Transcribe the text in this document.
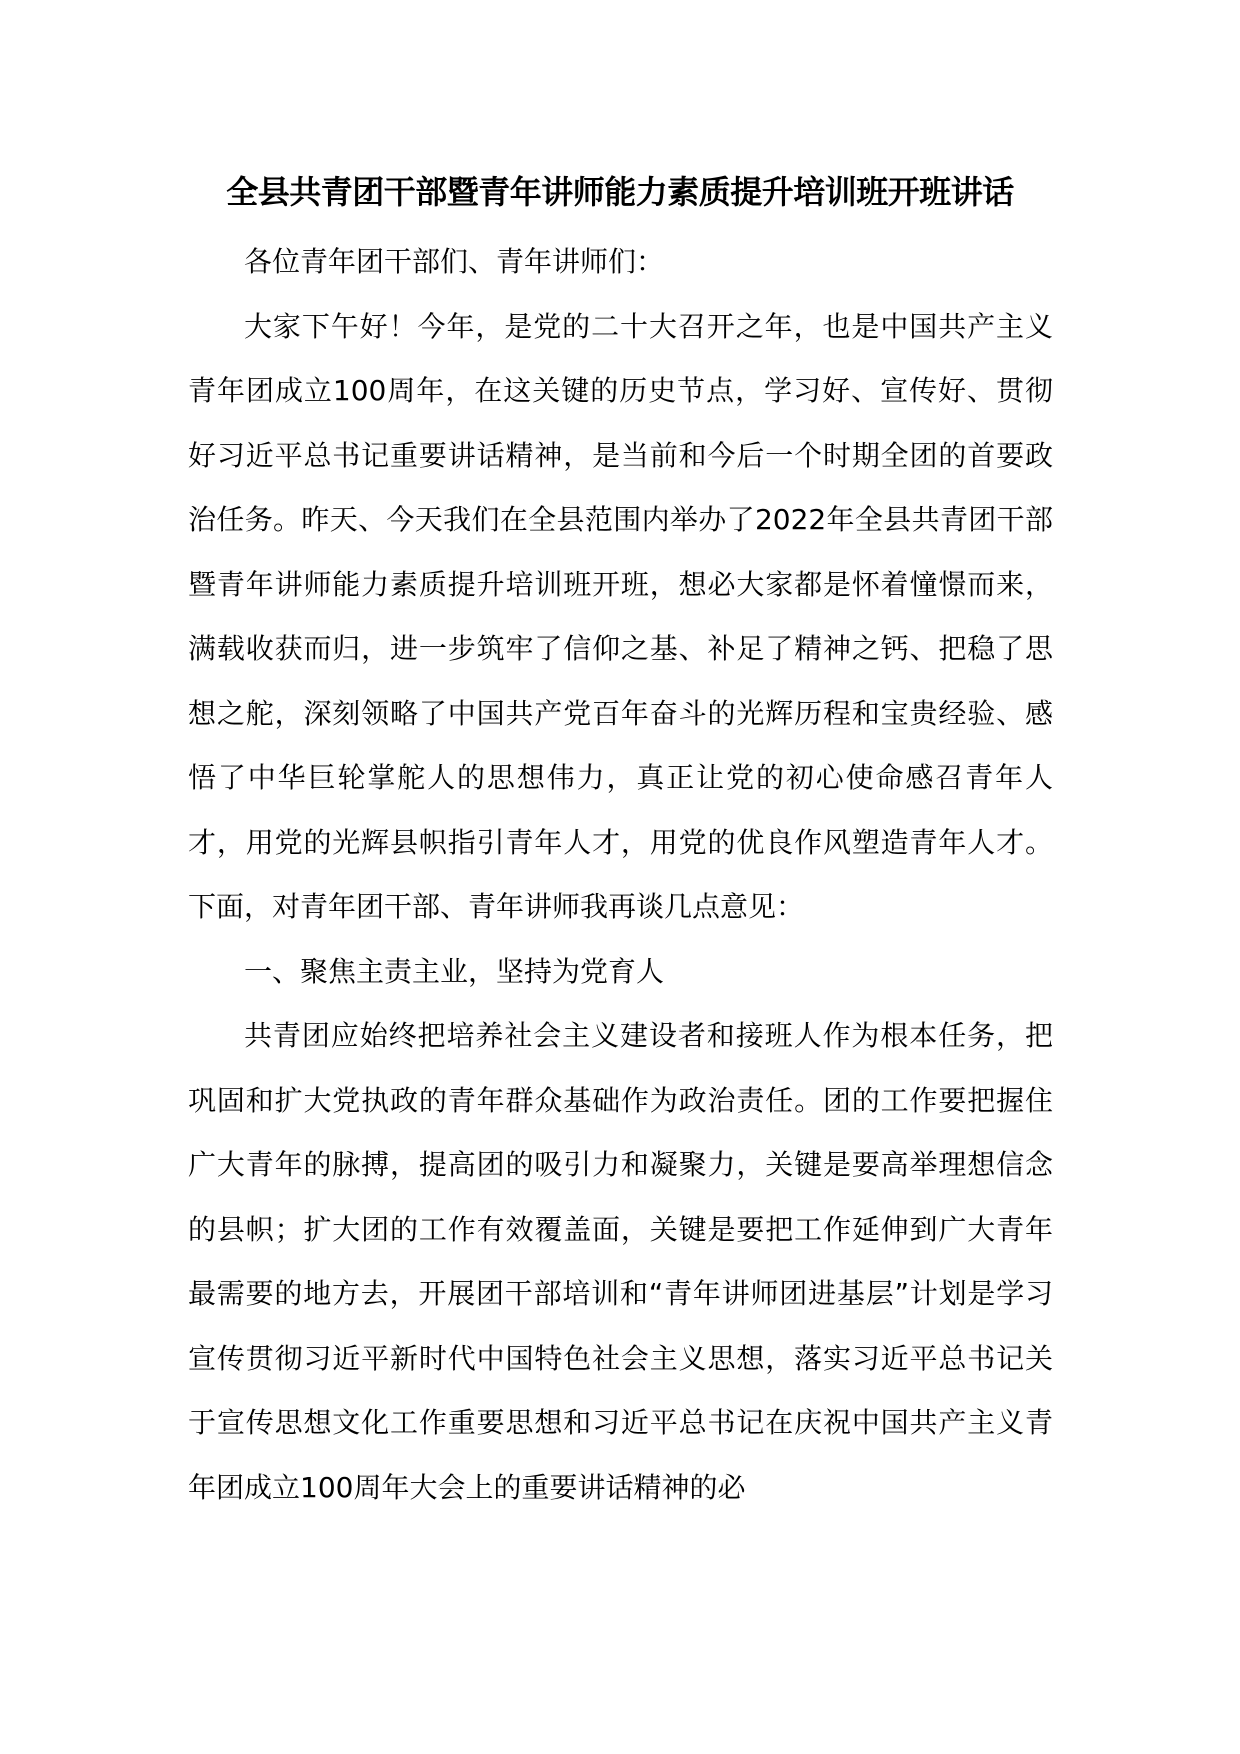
全县共青团干部暨青年讲师能力素质提升培训班开班讲话

各位青年团干部们、青年讲师们：

大家下午好！今年，是党的二十大召开之年，也是中国共产主义青年团成立100周年，在这关键的历史节点，学习好、宣传好、贯彻好习近平总书记重要讲话精神，是当前和今后一个时期全团的首要政治任务。昨天、今天我们在全县范围内举办了2022年全县共青团干部暨青年讲师能力素质提升培训班开班，想必大家都是怀着憧憬而来，满载收获而归，进一步筑牢了信仰之基、补足了精神之钙、把稳了思想之舵，深刻领略了中国共产党百年奋斗的光辉历程和宝贵经验、感悟了中华巨轮掌舵人的思想伟力，真正让党的初心使命感召青年人才，用党的光辉县帜指引青年人才，用党的优良作风塑造青年人才。下面，对青年团干部、青年讲师我再谈几点意见：

一、聚焦主责主业，坚持为党育人

共青团应始终把培养社会主义建设者和接班人作为根本任务，把巩固和扩大党执政的青年群众基础作为政治责任。团的工作要把握住广大青年的脉搏，提高团的吸引力和凝聚力，关键是要高举理想信念的县帜；扩大团的工作有效覆盖面，关键是要把工作延伸到广大青年最需要的地方去，开展团干部培训和“青年讲师团进基层”计划是学习宣传贯彻习近平新时代中国特色社会主义思想，落实习近平总书记关于宣传思想文化工作重要思想和习近平总书记在庆祝中国共产主义青年团成立100周年大会上的重要讲话精神的必
